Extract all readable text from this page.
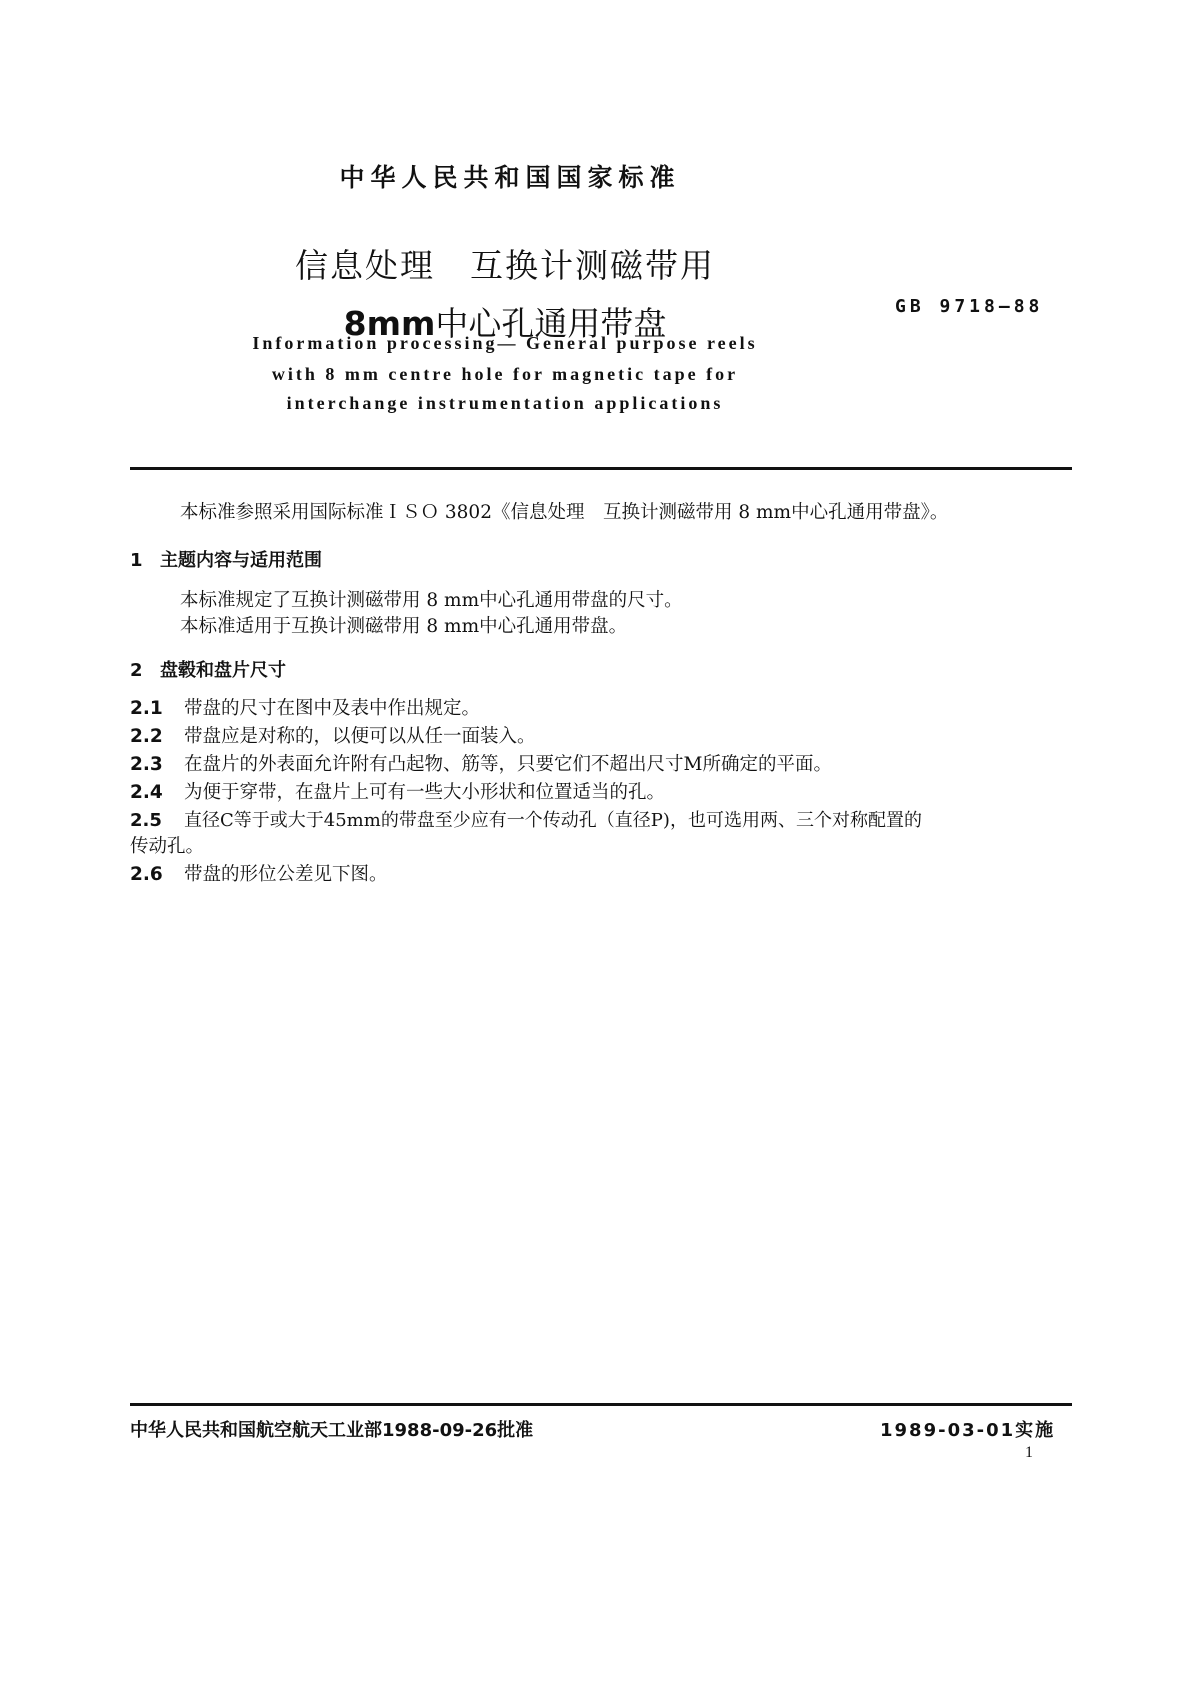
中华人民共和国国家标准
信息处理　互换计测磁带用
8mm中心孔通用带盘	GB 9718—88
Information processing— General purpose reels
with 8 mm centre hole for magnetic tape for
interchange instrumentation applications
本标准参照采用国际标准ＩＳＯ 3802《信息处理　互换计测磁带用 8 mm中心孔通用带盘》。
1 主题内容与适用范围
本标准规定了互换计测磁带用 8 mm中心孔通用带盘的尺寸。
本标准适用于互换计测磁带用 8 mm中心孔通用带盘。
2 盘毂和盘片尺寸
2.1 带盘的尺寸在图中及表中作出规定。
2.2 带盘应是对称的，以便可以从任一面装入。
2.3 在盘片的外表面允许附有凸起物、筋等，只要它们不超出尺寸M所确定的平面。
2.4 为便于穿带，在盘片上可有一些大小形状和位置适当的孔。
2.5 直径C等于或大于45mm的带盘至少应有一个传动孔（直径P)，也可选用两、三个对称配置的
传动孔。
2.6 带盘的形位公差见下图。
中华人民共和国航空航天工业部1988-09-26批准	1989-03-01实施
1
